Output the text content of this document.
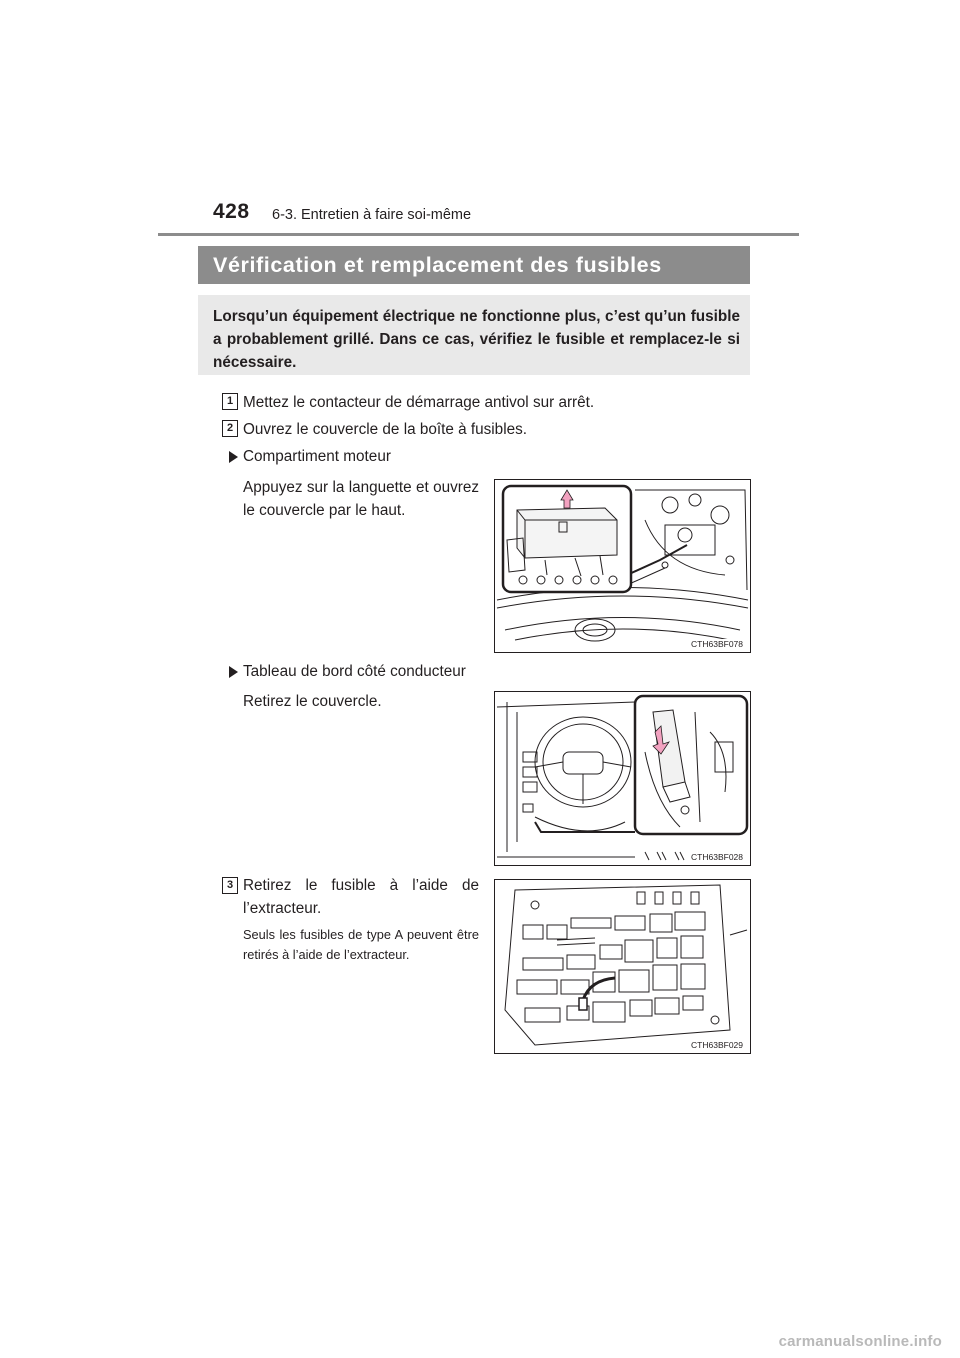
428 6-3. Entretien à faire soi-même
Vérification et remplacement des fusibles
Lorsqu’un équipement électrique ne fonctionne plus, c’est qu’un fusible a probablement grillé. Dans ce cas, vérifiez le fusible et remplacez-le si nécessaire.
1 Mettez le contacteur de démarrage antivol sur arrêt.
2 Ouvrez le couvercle de la boîte à fusibles.
Compartiment moteur
Appuyez sur la languette et ouvrez le couvercle par le haut.
CTH63BF078
Tableau de bord côté conducteur
Retirez le couvercle.
CTH63BF028
3 Retirez le fusible à l’aide de l’extracteur.
Seuls les fusibles de type A peuvent être retirés à l’aide de l’extracteur.
CTH63BF029
carmanualsonline.info
